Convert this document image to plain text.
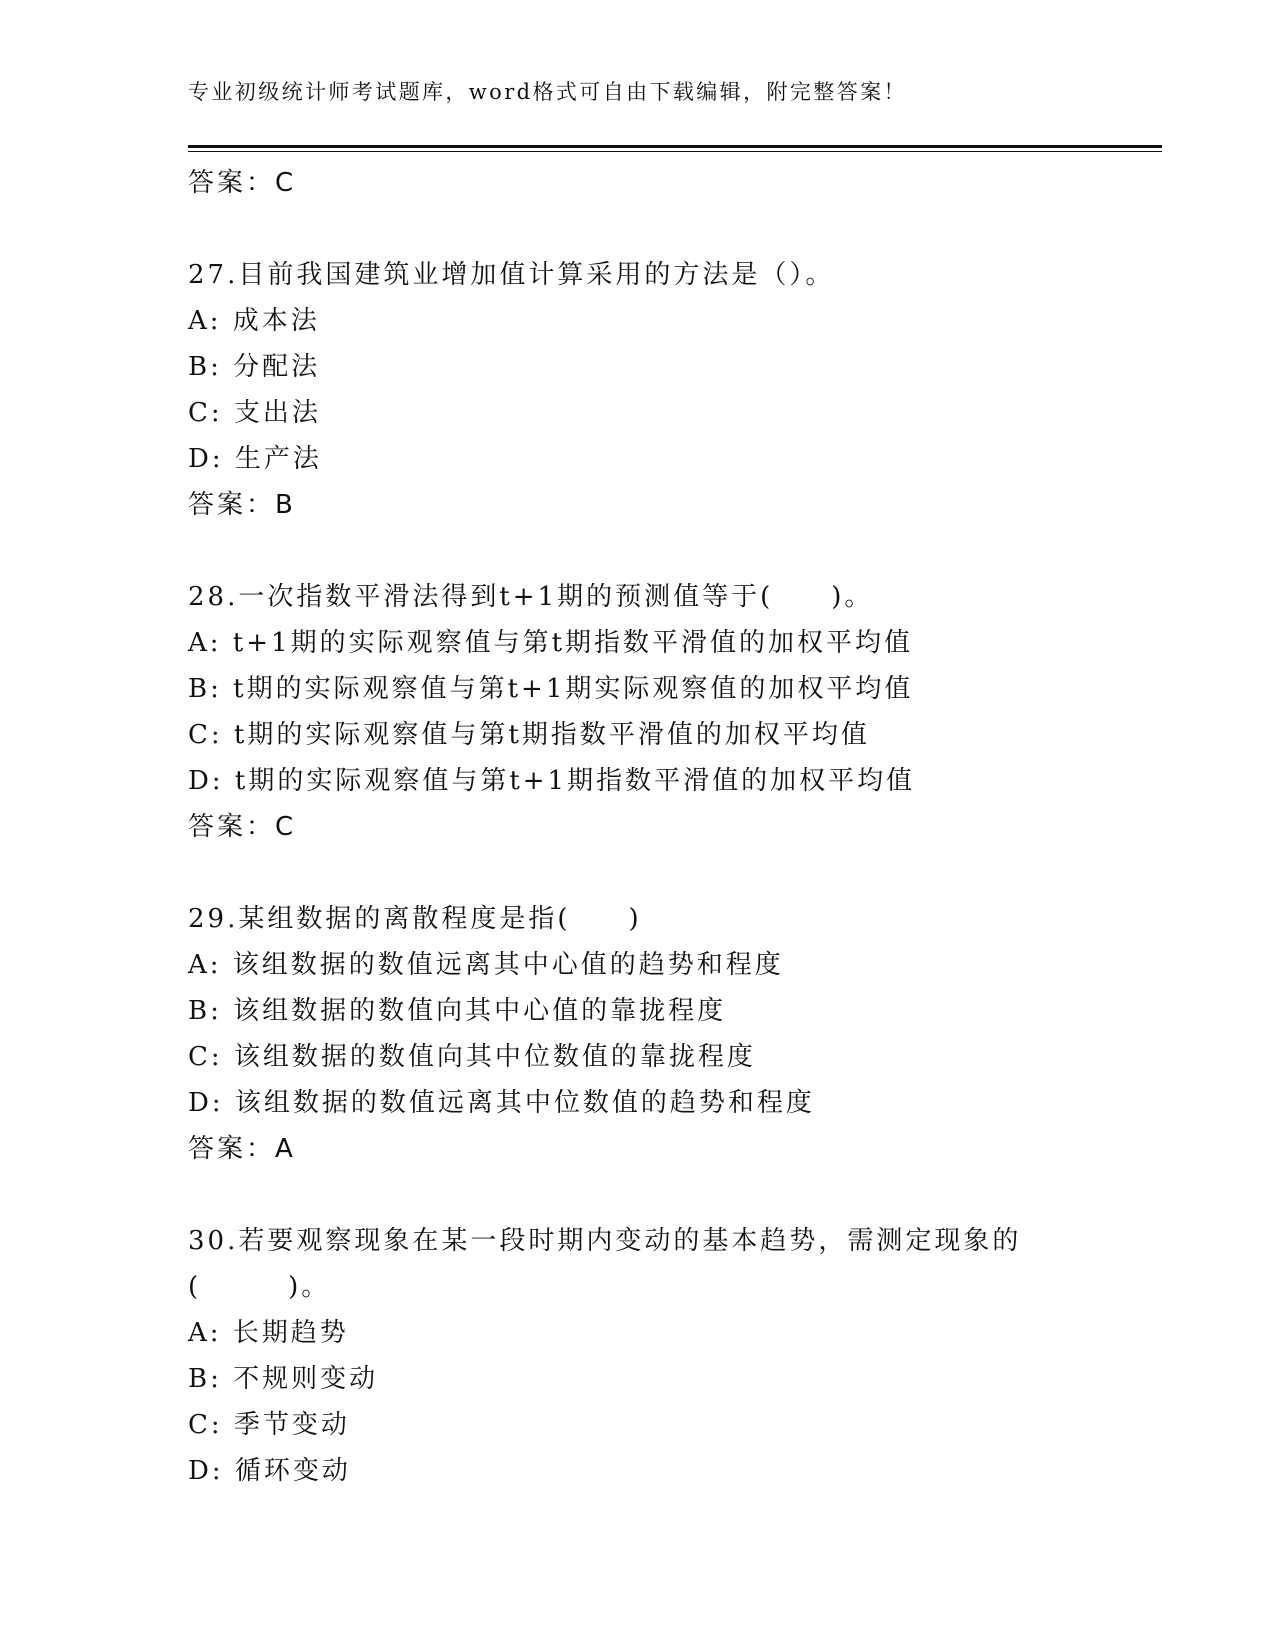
专业初级统计师考试题库，word格式可自由下载编辑，附完整答案！
答案：C
27.目前我国建筑业增加值计算采用的方法是（）。
A: 成本法
B: 分配法
C: 支出法
D: 生产法
答案：B
28.一次指数平滑法得到t+1期的预测值等于(　　)。
A: t+1期的实际观察值与第t期指数平滑值的加权平均值
B: t期的实际观察值与第t+1期实际观察值的加权平均值
C: t期的实际观察值与第t期指数平滑值的加权平均值
D: t期的实际观察值与第t+1期指数平滑值的加权平均值
答案：C
29.某组数据的离散程度是指(　　)
A: 该组数据的数值远离其中心值的趋势和程度
B: 该组数据的数值向其中心值的靠拢程度
C: 该组数据的数值向其中位数值的靠拢程度
D: 该组数据的数值远离其中位数值的趋势和程度
答案：A
30.若要观察现象在某一段时期内变动的基本趋势，需测定现象的
(　　　)。
A: 长期趋势
B: 不规则变动
C: 季节变动
D: 循环变动
